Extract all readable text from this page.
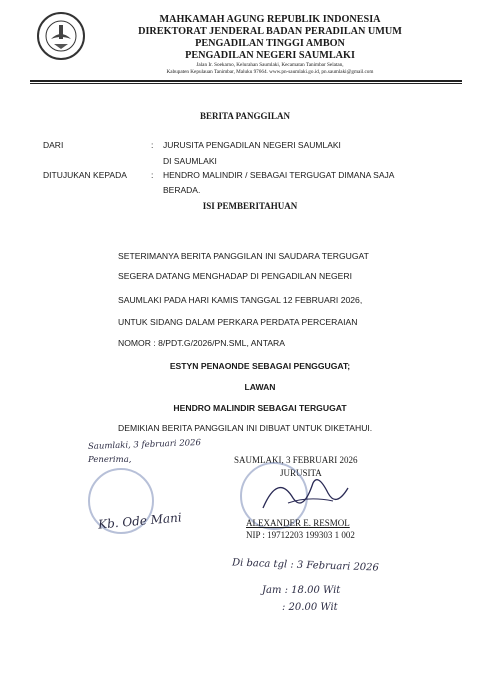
MAHKAMAH AGUNG REPUBLIK INDONESIA
DIREKTORAT JENDERAL BADAN PERADILAN UMUM
PENGADILAN TINGGI AMBON
PENGADILAN NEGERI SAUMLAKI
Jalan Ir. Soekarno, Kelurahan Saumlaki, Kecamatan Tanimbar Selatan,
Kabupaten Kepulauan Tanimbar, Maluku 97664. www.pn-saumlaki.go.id, pn.saumlaki@gmail.com
BERITA PANGGILAN
DARI	: JURUSITA PENGADILAN NEGERI SAUMLAKI
DI SAUMLAKI
DITUJUKAN KEPADA	: HENDRO MALINDIR / SEBAGAI TERGUGAT DIMANA SAJA
BERADA.
ISI PEMBERITAHUAN
SETERIMANYA BERITA PANGGILAN INI SAUDARA TERGUGAT
SEGERA DATANG MENGHADAP DI PENGADILAN NEGERI
SAUMLAKI PADA HARI KAMIS TANGGAL 12 FEBRUARI 2026,
UNTUK SIDANG DALAM PERKARA PERDATA PERCERAIAN
NOMOR : 8/PDT.G/2026/PN.SML, ANTARA
ESTYN PENAONDE SEBAGAI PENGGUGAT;
LAWAN
HENDRO MALINDIR SEBAGAI TERGUGAT
DEMIKIAN BERITA PANGGILAN INI DIBUAT UNTUK DIKETAHUI.
Saumlaki, 3 februari 2026
Penerima,
Kb. Ode Mani
SAUMLAKI, 3 FEBRUARI 2026
JURUSITA
ALEXANDER E. RESMOL
NIP : 19712203 199303 1 002
Di baca tgl : 3 Februari 2026
Jam : 18.00 Wit
: 20.00 Wit
